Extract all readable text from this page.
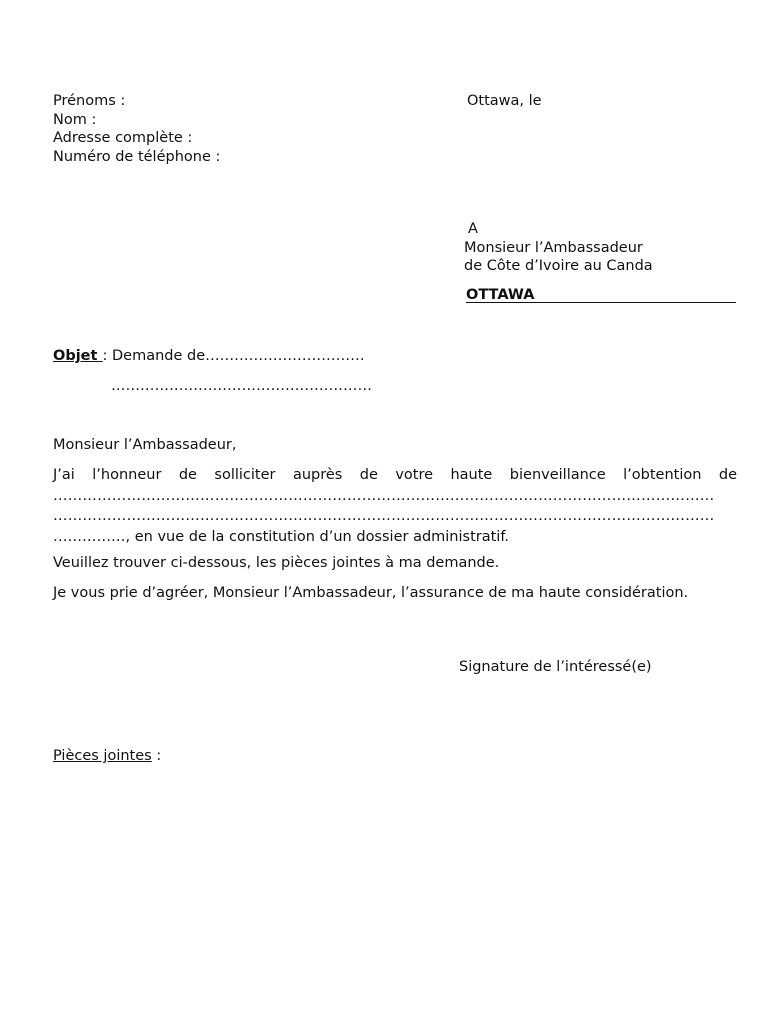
Prénoms :
Nom :
Adresse complète :
Numéro de téléphone :
Ottawa, le
A
Monsieur l’Ambassadeur
de Côte d’Ivoire au Canda
OTTAWA
Objet : Demande de……………………………
………………………………………………
Monsieur l’Ambassadeur,
J’ai l’honneur de solliciter auprès de votre haute bienveillance l’obtention de
………………………………………………………………………………………………………………………
………………………………………………………………………………………………………………………
……………, en vue de la constitution d’un dossier administratif.
Veuillez trouver ci-dessous, les pièces jointes à ma demande.
Je vous prie d’agréer, Monsieur l’Ambassadeur, l’assurance de ma haute considération.
Signature de l’intéressé(e)
Pièces jointes :
